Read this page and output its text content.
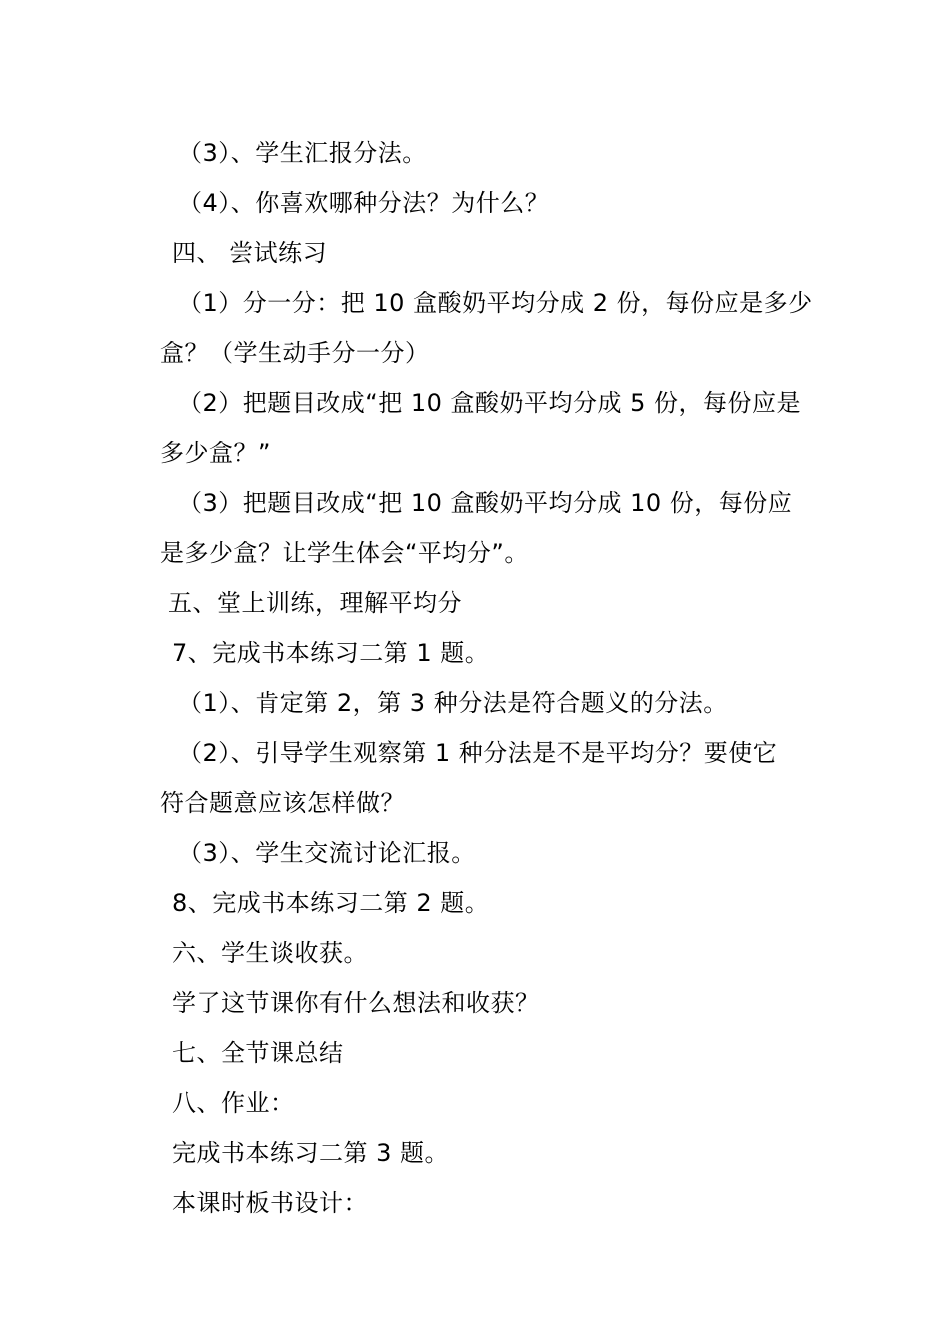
（3）、学生汇报分法。
（4）、你喜欢哪种分法？为什么？
四、 尝试练习
（1）分一分：把 10 盒酸奶平均分成 2 份，每份应是多少
盒？（学生动手分一分）
（2）把题目改成“把 10 盒酸奶平均分成 5 份，每份应是
多少盒？”
（3）把题目改成“把 10 盒酸奶平均分成 10 份，每份应
是多少盒？让学生体会“平均分”。
五、堂上训练，理解平均分
7、完成书本练习二第 1 题。
（1）、肯定第 2，第 3 种分法是符合题义的分法。
（2）、引导学生观察第 1 种分法是不是平均分？要使它
符合题意应该怎样做？
（3）、学生交流讨论汇报。
8、完成书本练习二第 2 题。
六、学生谈收获。
学了这节课你有什么想法和收获？
七、全节课总结
八、作业：
完成书本练习二第 3 题。
本课时板书设计：
